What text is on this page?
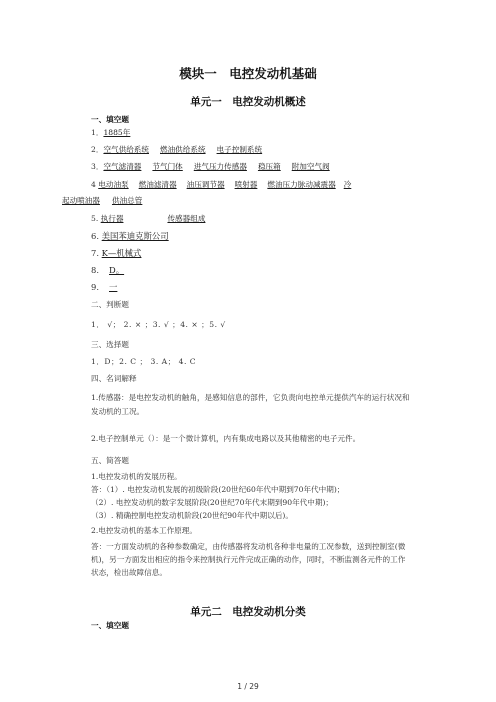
模块一　电控发动机基础
单元一　电控发动机概述
一、填空题
1．1885年
2．空气供给系统 燃油供给系统 电子控制系统
3．空气滤清器 节气门体 进气压力传感器 稳压箱 附加空气阀
4 电动油泵 燃油滤清器 油压调节器 喷射器 燃油压力脉动减震器 冷
起动喷油器 供油总管
5. 执行器	传感器组成
6. 美国苯迪克斯公司
7. K—机械式
8. D。
9. 一
二、判断题
1． √； 2. × ；3. √ ；4. × ；5. √
三、选择题
1．D；2. C ； 3. A； 4. C
四、名词解释
1.传感器：是电控发动机的触角，是感知信息的部件，它负责向电控单元提供汽车的运行状况和发动机的工况。
2.电子控制单元（）：是一个微计算机，内有集成电路以及其他精密的电子元件。
五、简答题
1.电控发动机的发展历程。
答：（1）. 电控发动机发展的初级阶段(20世纪60年代中期到70年代中期)；
（2）. 电控发动机的数字发展阶段(20世纪70年代末期到90年代中期)；
（3）. 精确控制电控发动机阶段(20世纪90年代中期以后)。
2.电控发动机的基本工作原理。
答：一方面发动机的各种参数确定，由传感器将发动机各种非电量的工况参数，送到控制室(微机)，另一方面发出相应的指令来控制执行元件完成正确的动作，同时，不断监测各元件的工作状态，检出故障信息。
单元二　电控发动机分类
一、填空题
1 / 29
